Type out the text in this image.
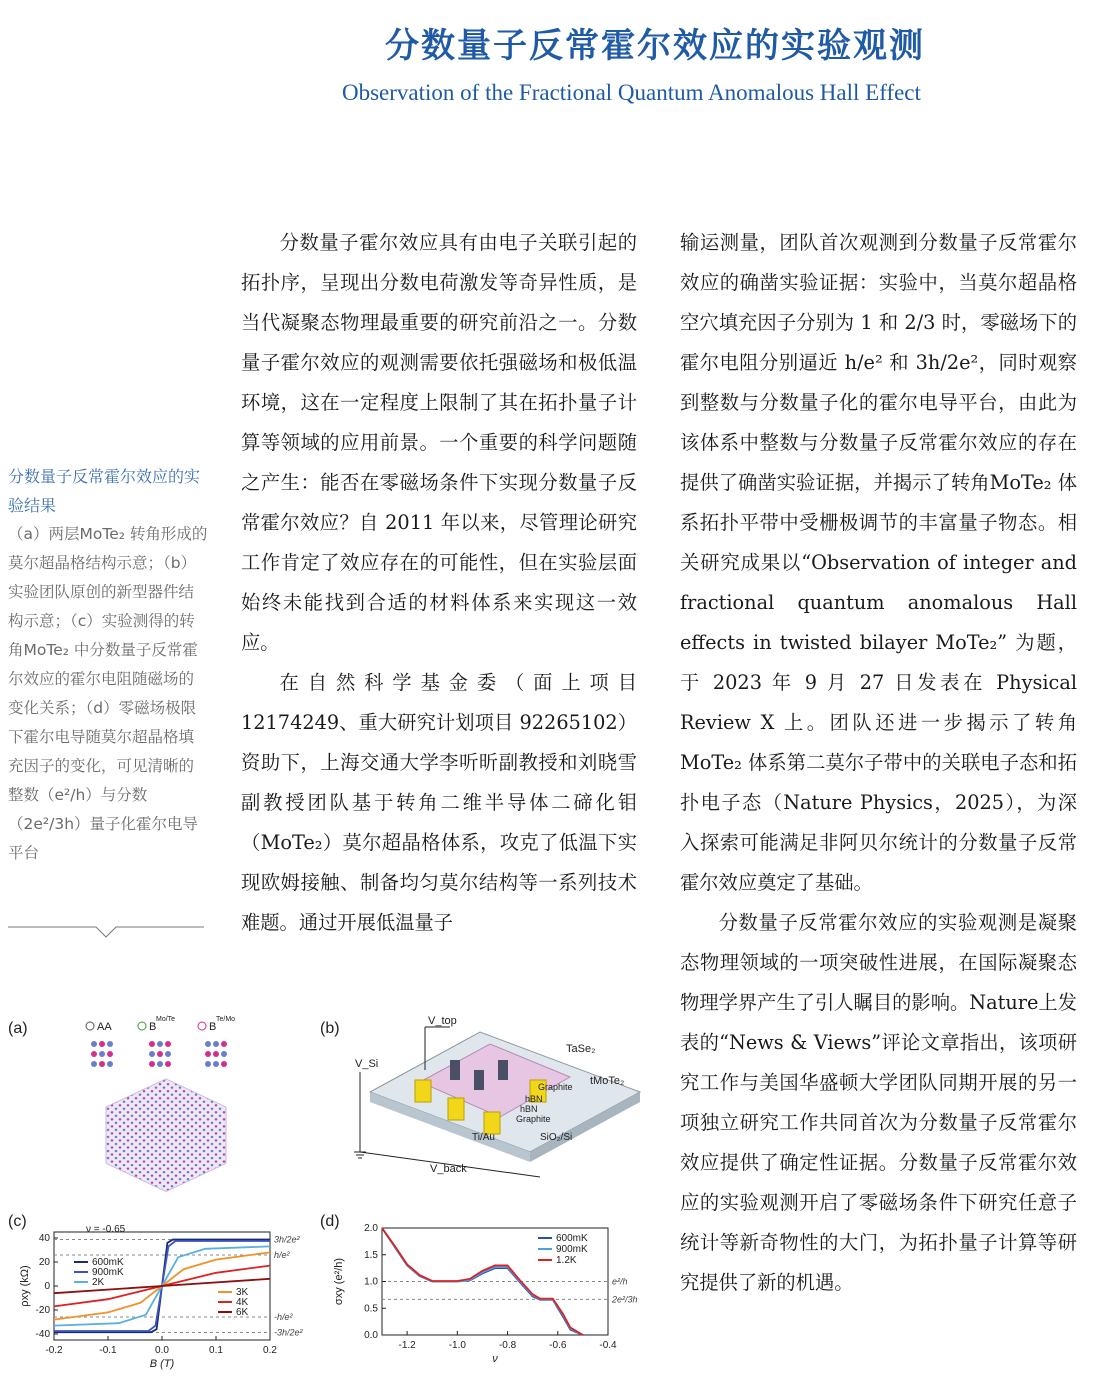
分数量子反常霍尔效应的实验观测
Observation of the Fractional Quantum Anomalous Hall Effect
分数量子反常霍尔效应的实验结果
（a）两层MoTe₂ 转角形成的莫尔超晶格结构示意；（b）实验团队原创的新型器件结构示意；（c）实验测得的转角MoTe₂ 中分数量子反常霍尔效应的霍尔电阻随磁场的变化关系；（d）零磁场极限下霍尔电导随莫尔超晶格填充因子的变化，可见清晰的整数（e²/h）与分数（2e²/3h）量子化霍尔电导平台

分数量子霍尔效应具有由电子关联引起的拓扑序，呈现出分数电荷激发等奇异性质，是当代凝聚态物理最重要的研究前沿之一。分数量子霍尔效应的观测需要依托强磁场和极低温环境，这在一定程度上限制了其在拓扑量子计算等领域的应用前景。一个重要的科学问题随之产生：能否在零磁场条件下实现分数量子反常霍尔效应？自 2011 年以来，尽管理论研究工作肯定了效应存在的可能性，但在实验层面始终未能找到合适的材料体系来实现这一效应。

在自然科学基金委（面上项目 12174249、重大研究计划项目 92265102）资助下，上海交通大学李听昕副教授和刘晓雪副教授团队基于转角二维半导体二碲化钼（MoTe₂）莫尔超晶格体系，攻克了低温下实现欧姆接触、制备均匀莫尔结构等一系列技术难题。通过开展低温量子

输运测量，团队首次观测到分数量子反常霍尔效应的确凿实验证据：实验中，当莫尔超晶格空穴填充因子分别为 1 和 2/3 时，零磁场下的霍尔电阻分别逼近 h/e² 和 3h/2e²，同时观察到整数与分数量子化的霍尔电导平台，由此为该体系中整数与分数量子反常霍尔效应的存在提供了确凿实验证据，并揭示了转角MoTe₂ 体系拓扑平带中受栅极调节的丰富量子物态。相关研究成果以“Observation of integer and fractional quantum anomalous Hall effects in twisted bilayer MoTe₂” 为题，于 2023 年 9 月 27 日发表在 Physical Review X 上。团队还进一步揭示了转角MoTe₂ 体系第二莫尔子带中的关联电子态和拓扑电子态（Nature Physics，2025），为深入探索可能满足非阿贝尔统计的分数量子反常霍尔效应奠定了基础。

分数量子反常霍尔效应的实验观测是凝聚态物理领域的一项突破性进展，在国际凝聚态物理学界产生了引人瞩目的影响。Nature上发表的“News & Views”评论文章指出，该项研究工作与美国华盛顿大学团队同期开展的另一项独立研究工作共同首次为分数量子反常霍尔效应提供了确定性证据。分数量子反常霍尔效应的实验观测开启了零磁场条件下研究任意子统计等新奇物性的大门，为拓扑量子计算等研究提供了新的机遇。

(a)	AA	B
Mo/Te
B
Te/Mo
(b)	V_top
V_Si
TaSe₂
tMoTe₂
Graphite
hBN
hBN
Graphite
Ti/Au	SiO₂/Si
V_back
(c)
-0.2	-0.1	0.0	0.1	0.2
40
20
0
-20
-40
B (T)
ρxy (kΩ)
3h/2e²
h/e²
-h/e²
-3h/2e²
ν = -0.65
600mK
900mK
2K
3K
4K
6K
(d)
-1.2	-1.0	-0.8	-0.6	-0.4
2.0
1.5
1.0
0.5
0.0
ν
σxy (e²/h)	e²/h
2e²/3h
600mK
900mK
1.2K
